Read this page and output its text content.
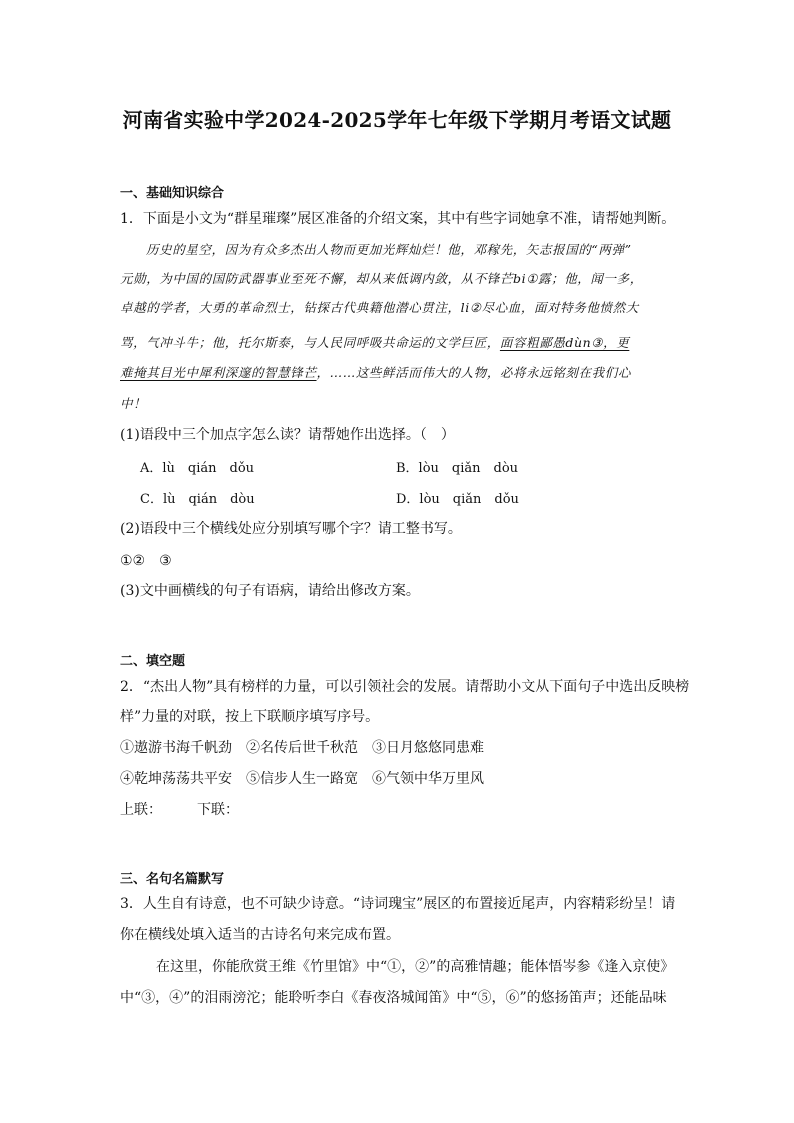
河南省实验中学2024-2025学年七年级下学期月考语文试题
一、基础知识综合
1．下面是小文为“群星璀璨”展区准备的介绍文案，其中有些字词她拿不准，请帮她判断。
历史的星空，因为有众多杰出人物而更加光辉灿烂！他，邓稼先，矢志报国的“两弹”
元勋，为中国的国防武器事业至死不懈，却从来低调内敛，从不锋芒bi①露；他，闻一多，
卓越的学者，大勇的革命烈士，钻探古代典籍他潜心贯注，li②尽心血，面对特务他愤然大
骂，气冲斗牛；他，托尔斯泰，与人民同呼吸共命运的文学巨匠，面容粗鄙愚dùn③，更
难掩其目光中犀利深邃的智慧锋芒，……这些鲜活而伟大的人物，必将永远铭刻在我们心
中！
(1)语段中三个加点字怎么读？请帮她作出选择。（　）
A．lù　qián　dǒu	B．lòu　qiǎn　dòu
C．lù　qián　dòu	D．lòu　qiǎn　dǒu
(2)语段中三个横线处应分别填写哪个字？请工整书写。
①②　③
(3)文中画横线的句子有语病，请给出修改方案。
二、填空题
2．“杰出人物”具有榜样的力量，可以引领社会的发展。请帮助小文从下面句子中选出反映榜
样”力量的对联，按上下联顺序填写序号。
①遨游书海千帆劲　②名传后世千秋范　③日月悠悠同患难
④乾坤荡荡共平安　⑤信步人生一路宽　⑥气领中华万里风
上联：　　　下联：
三、名句名篇默写
3．人生自有诗意，也不可缺少诗意。“诗词瑰宝”展区的布置接近尾声，内容精彩纷呈！请
你在横线处填入适当的古诗名句来完成布置。
在这里，你能欣赏王维《竹里馆》中“①，②”的高雅情趣；能体悟岑参《逢入京使》
中“③，④”的泪雨滂沱；能聆听李白《春夜洛城闻笛》中“⑤，⑥”的悠扬笛声；还能品味
